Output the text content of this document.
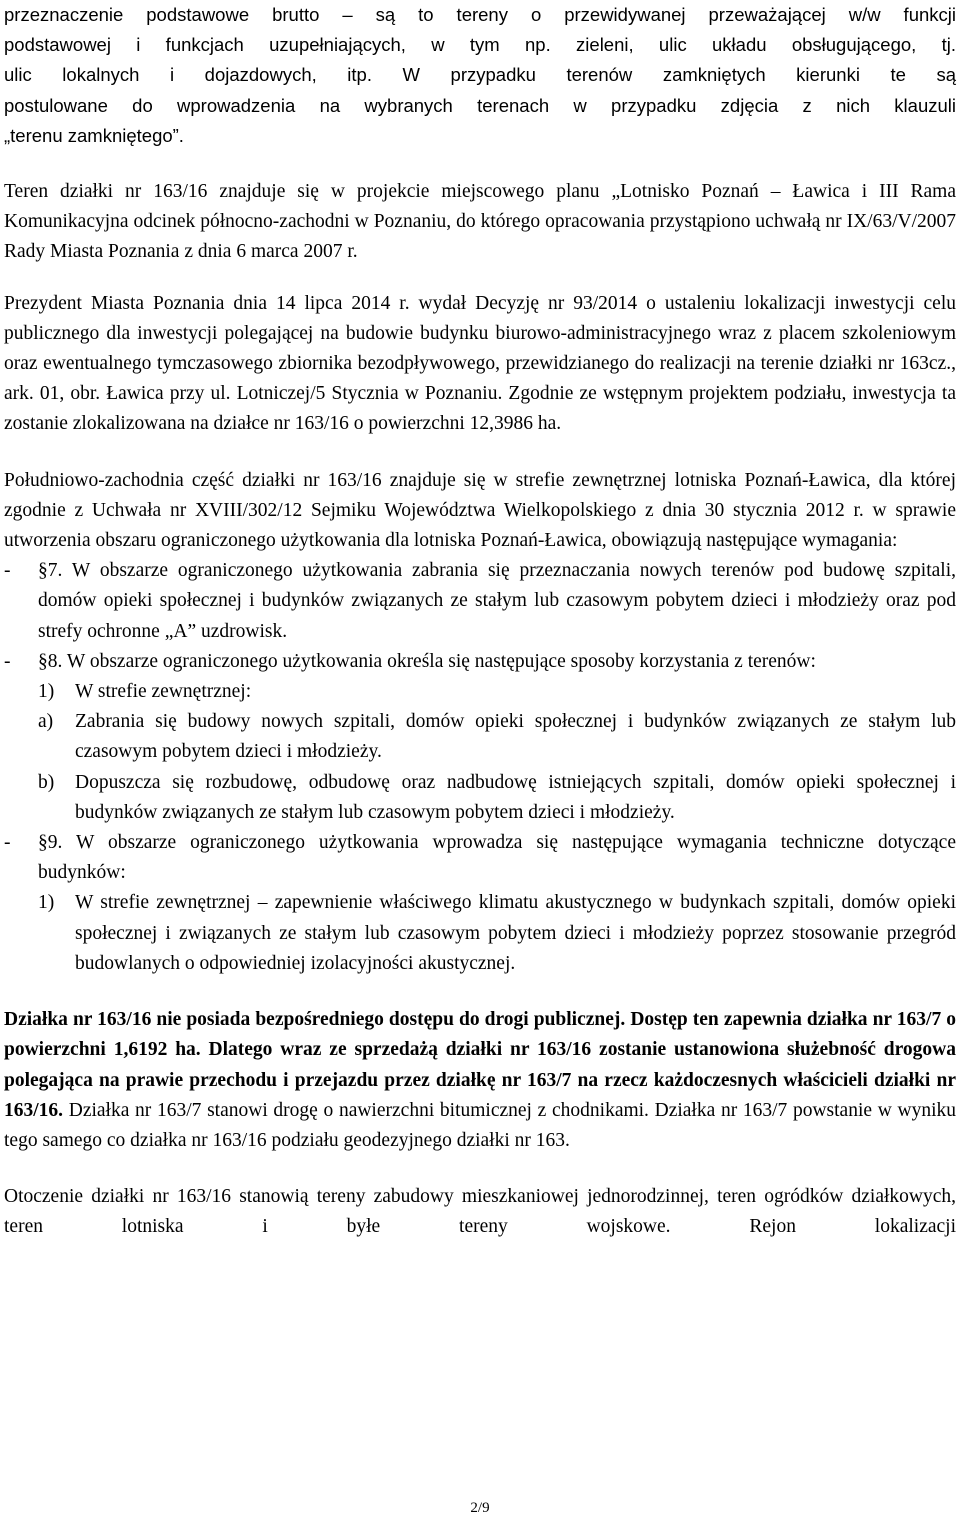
przeznaczenie podstawowe brutto – są to tereny o przewidywanej przeważającej w/w funkcji

podstawowej i funkcjach uzupełniających, w tym np. zieleni, ulic układu obsługującego, tj.

ulic lokalnych i dojazdowych, itp. W przypadku terenów zamkniętych kierunki te są

postulowane do wprowadzenia na wybranych terenach w przypadku zdjęcia z nich klauzuli

„terenu zamkniętego”.

Teren działki nr 163/16 znajduje się w projekcie miejscowego planu „Lotnisko Poznań – Ławica i III Rama Komunikacyjna odcinek północno-zachodni w Poznaniu, do którego opracowania przystąpiono uchwałą nr IX/63/V/2007 Rady Miasta Poznania z dnia 6 marca 2007 r.

Prezydent Miasta Poznania dnia 14 lipca 2014 r. wydał Decyzję nr 93/2014 o ustaleniu lokalizacji inwestycji celu publicznego dla inwestycji polegającej na budowie budynku biurowo-administracyjnego wraz z placem szkoleniowym oraz ewentualnego tymczasowego zbiornika bezodpływowego, przewidzianego do realizacji na terenie działki nr 163cz., ark. 01, obr. Ławica przy ul. Lotniczej/5 Stycznia w Poznaniu. Zgodnie ze wstępnym projektem podziału, inwestycja ta zostanie zlokalizowana na działce nr 163/16 o powierzchni 12,3986 ha.

Południowo-zachodnia część działki nr 163/16 znajduje się w strefie zewnętrznej lotniska Poznań-Ławica, dla której zgodnie z Uchwała nr XVIII/302/12 Sejmiku Województwa Wielkopolskiego z dnia 30 stycznia 2012 r. w sprawie utworzenia obszaru ograniczonego użytkowania dla lotniska Poznań-Ławica, obowiązują następujące wymagania:

-	§7. W obszarze ograniczonego użytkowania zabrania się przeznaczania nowych terenów pod budowę szpitali, domów opieki społecznej i budynków związanych ze stałym lub czasowym pobytem dzieci i młodzieży oraz pod strefy ochronne „A” uzdrowisk.

-	§8. W obszarze ograniczonego użytkowania określa się następujące sposoby korzystania z terenów:

1)	W strefie zewnętrznej:

a)	Zabrania się budowy nowych szpitali, domów opieki społecznej i budynków związanych ze stałym lub czasowym pobytem dzieci i młodzieży.

b)	Dopuszcza się rozbudowę, odbudowę oraz nadbudowę istniejących szpitali, domów opieki społecznej i budynków związanych ze stałym lub czasowym pobytem dzieci i młodzieży.

-	§9. W obszarze ograniczonego użytkowania wprowadza się następujące wymagania techniczne dotyczące budynków:

1)	W strefie zewnętrznej – zapewnienie właściwego klimatu akustycznego w budynkach szpitali, domów opieki społecznej i związanych ze stałym lub czasowym pobytem dzieci i młodzieży poprzez stosowanie przegród budowlanych o odpowiedniej izolacyjności akustycznej.

Działka nr 163/16 nie posiada bezpośredniego dostępu do drogi publicznej. Dostęp ten zapewnia działka nr 163/7 o powierzchni 1,6192 ha. Dlatego wraz ze sprzedażą działki nr 163/16 zostanie ustanowiona służebność drogowa polegająca na prawie przechodu i przejazdu przez działkę nr 163/7 na rzecz każdoczesnych właścicieli działki nr 163/16. Działka nr 163/7 stanowi drogę o nawierzchni bitumicznej z chodnikami. Działka nr 163/7 powstanie w wyniku tego samego co działka nr 163/16 podziału geodezyjnego działki nr 163.

Otoczenie działki nr 163/16 stanowią tereny zabudowy mieszkaniowej jednorodzinnej, teren ogródków działkowych, teren lotniska i byłe tereny wojskowe. Rejon lokalizacji

2/9
